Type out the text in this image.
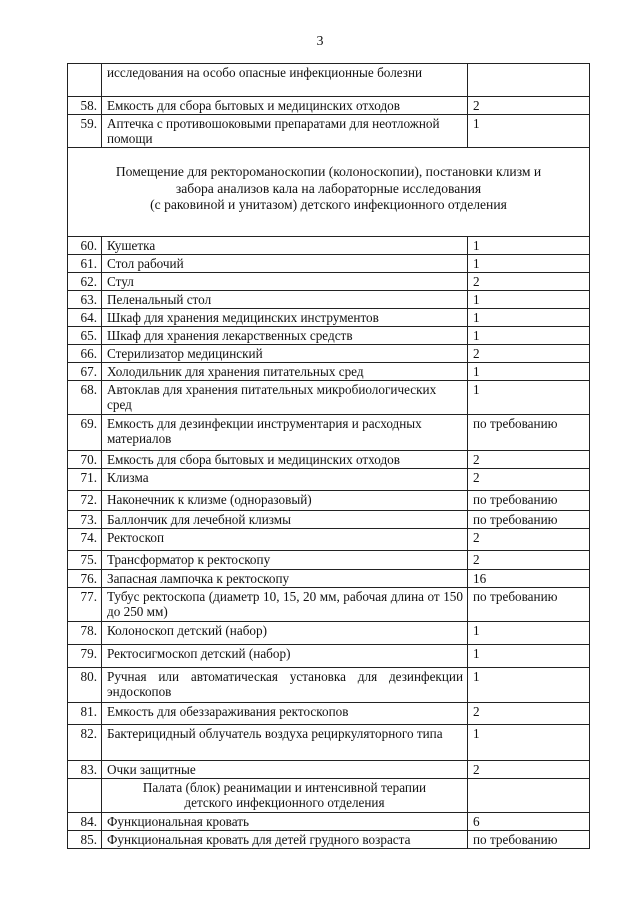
3
	исследования на особо опасные инфекционные болезни	
58.	Емкость для сбора бытовых и медицинских отходов	2
59.	Аптечка с противошоковыми препаратами для неотложной помощи	1

Помещение для ректороманоскопии (колоноскопии), постановки клизм и
забора анализов кала на лабораторные исследования
(с раковиной и унитазом) детского инфекционного отделения		

60.	Кушетка	1
61.	Стол рабочий	1
62.	Стул	2
63.	Пеленальный стол	1
64.	Шкаф для хранения медицинских инструментов	1
65.	Шкаф для хранения лекарственных средств	1
66.	Стерилизатор медицинский	2
67.	Холодильник для хранения питательных сред	1
68.	Автоклав для хранения питательных микробиологических сред	1
69.	Емкость для дезинфекции инструментария и расходных материалов	по требованию
70.	Емкость для сбора бытовых и медицинских отходов	2
71.	Клизма	2
72.	Наконечник к клизме (одноразовый)	по требованию
73.	Баллончик для лечебной клизмы	по требованию
74.	Ректоскоп	2
75.	Трансформатор к ректоскопу	2
76.	Запасная лампочка к ректоскопу	16
77.	Тубус ректоскопа (диаметр 10, 15, 20 мм, рабочая длина от 150 до 250 мм)	по требованию
78.	Колоноскоп детский (набор)	1
79.	Ректосигмоскоп детский (набор)	1
80.	Ручная или автоматическая установка для дезинфекции эндоскопов	1
81.	Емкость для обеззараживания ректоскопов	2
82.	Бактерицидный облучатель воздуха рециркуляторного типа	1
83.	Очки защитные	2

	Палата (блок) реанимации и интенсивной терапии
детского инфекционного отделения	

84.	Функциональная кровать	6
85.	Функциональная кровать для детей грудного возраста	по требованию
